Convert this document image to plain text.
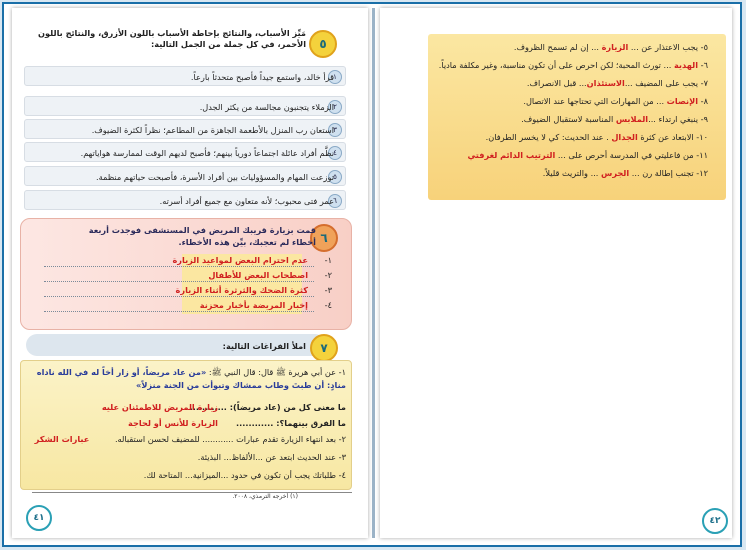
٥
مَيِّز الأسباب، والنتائج بإحاطة الأسباب باللون الأزرق، والنتائج باللون الأحمر، في كل جملة من الجمل التالية:
١
قرأ خالد، واستمع جيداً فأصبح متحدثاً بارعاً.
٢
الزملاء يتجنبون مجالسة من يكثر الجدل.
٣
استعان رب المنزل بالأطعمة الجاهزة من المطاعم؛ نظراً لكثرة الضيوف.
٤
نظَّم أفراد عائلة اجتماعاً دورياً بينهم؛ فأصبح لديهم الوقت لممارسة هواياتهم.
٥
توزعت المهام والمسؤوليات بين أفراد الأسرة، فأصبحت حياتهم منظمة.
٦
عمر فتى محبوب؛ لأنه متعاون مع جميع أفراد أسرته.
٦
قمت بزيارة قريبك المريض في المستشفى فوجدت أربعة أخطاء لم تعجبك، بيِّن هذه الأخطاء.
١-
عدم احترام البعض لمواعيد الزيارة
٢-
اصطحاب البعض للأطفال
٣-
كثرة الضحك والثرثرة أثناء الزيارة
٤-
إخبار المريضة بأخبار محزنة
٧
املأ الفراغات التالية:
١- عن أبي هريرة ﷺ قال: قال النبي ﷺ: «من عاد مريضاً، أو زار أخاً له في الله ناداه منادٍ: أن طبتَ وطاب ممشاك وتبوأت من الجنة منزلاً»
ما معنى كل من (عاد مريضاً): ............
زيارة المريض للاطمئنان عليه
ما الفرق بينهما؟: ............
الزيارة للأنس أو لحاجة
٢- بعد انتهاء الزيارة تقدم عبارات ............ للمضيف لحسن استقباله.
عبارات الشكر
٣- عند الحديث ابتعد عن ...الألفاظ... البذيئة.
٤- طلباتك يجب أن تكون في حدود ...الميزانية... المتاحة لك.
(١) أخرجه الترمذي، ٢٠٠٨.
٤١
٥- يجب الاعتذار عن ... الزيارة ... إن لم تسمح الظروف.
٦- الهدية ... تورث المحبة؛ لكن احرص على أن تكون مناسبة، وغير مكلفة مادياً.
٧- يجب على المضيف ...الاستئذان... قبل الانصراف.
٨- الإنصات ... من المهارات التي تحتاجها عند الاتصال.
٩- ينبغي ارتداء ...الملابس المناسبة لاستقبال الضيوف.
١٠- الابتعاد عن كثرة الجدال . عند الحديث: كي لا يخسر الطرفان.
١١- من فاعليتي في المدرسة أحرص على ... الترتيب الدائم لغرفتي
١٢- تجنب إطالة رن ... الجرس ... والتريث قليلاً.
٤٢
